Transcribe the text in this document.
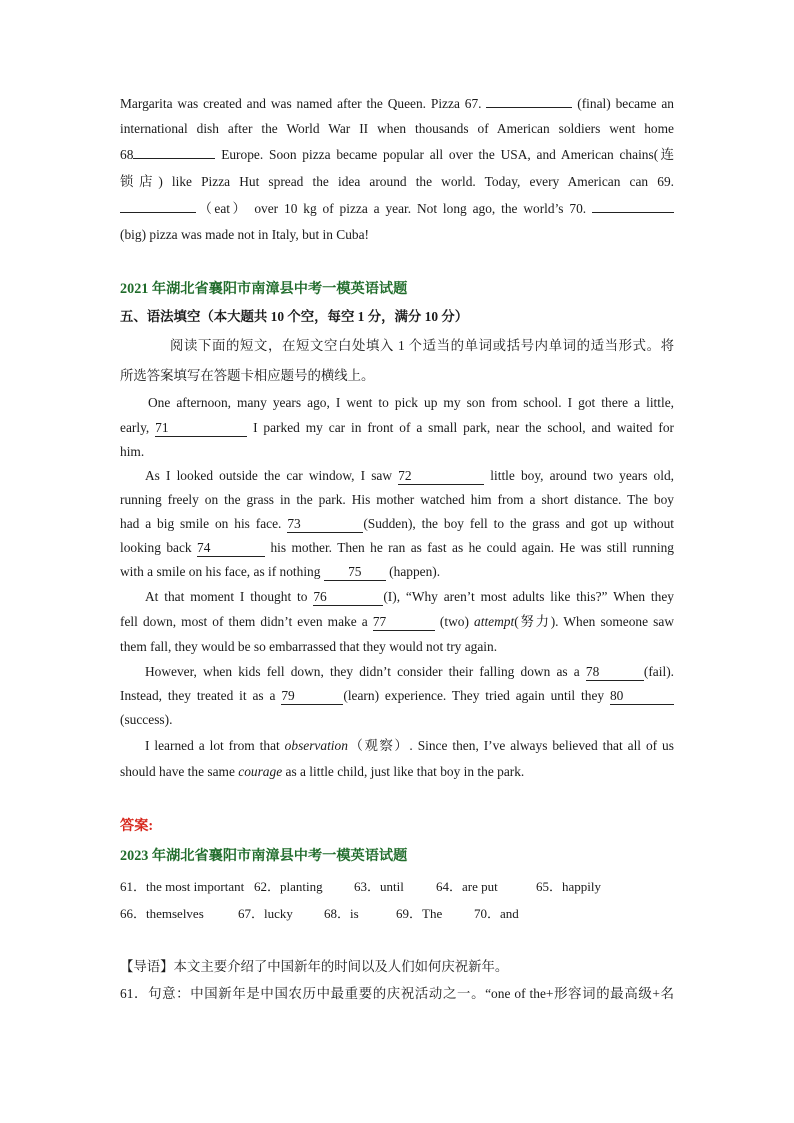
Margarita was created and was named after the Queen. Pizza 67.	(final) became an
international dish after the World War II when thousands of American soldiers went home
68	Europe. Soon pizza became popular all over the USA, and American chains(连
锁店) like Pizza Hut spread the idea around the world. Today, every American can 69.
（eat） over 10 kg of pizza a year. Not long ago, the world’s 70.
(big) pizza was made not in Italy, but in Cuba!
2021 年湖北省襄阳市南漳县中考一模英语试题
五、语法填空（本大题共 10 个空，每空 1 分，满分 10 分）
阅读下面的短文，在短文空白处填入 1 个适当的单词或括号内单词的适当形式。将
所选答案填写在答题卡相应题号的横线上。
One afternoon, many years ago, I went to pick up my son from school. I got there a little,
early, 71	I parked my car in front of a small park, near the school, and waited for
him.
As I looked outside the car window, I saw 72	little boy, around two years old,
running freely on the grass in the park. His mother watched him from a short distance. The boy
had a big smile on his face. 73	(Sudden), the boy fell to the grass and got up without
looking back 74	his mother. Then he ran as fast as he could again. He was still running
with a smile on his face, as if nothing 75 (happen).
At that moment I thought to 76	(I), “Why aren’t most adults like this?” When they
fell down, most of them didn’t even make a 77	(two) attempt(努力). When someone saw
them fall, they would be so embarrassed that they would not try again.
However, when kids fell down, they didn’t consider their falling down as a 78	(fail).
Instead, they treated it as a 79	(learn) experience. They tried again until they 80
(success).
I learned a lot from that observation（观察）. Since then, I’ve always believed that all of us
should have the same courage as a little child, just like that boy in the park.
答案:
2023 年湖北省襄阳市南漳县中考一模英语试题
61．the most important 62．planting 63．until 64．are put	65．happily
66．themselves	67．lucky 68．is	69．The 70．and
【导语】本文主要介绍了中国新年的时间以及人们如何庆祝新年。
61．句意：中国新年是中国农历中最重要的庆祝活动之一。“one of the+形容词的最高级+名
